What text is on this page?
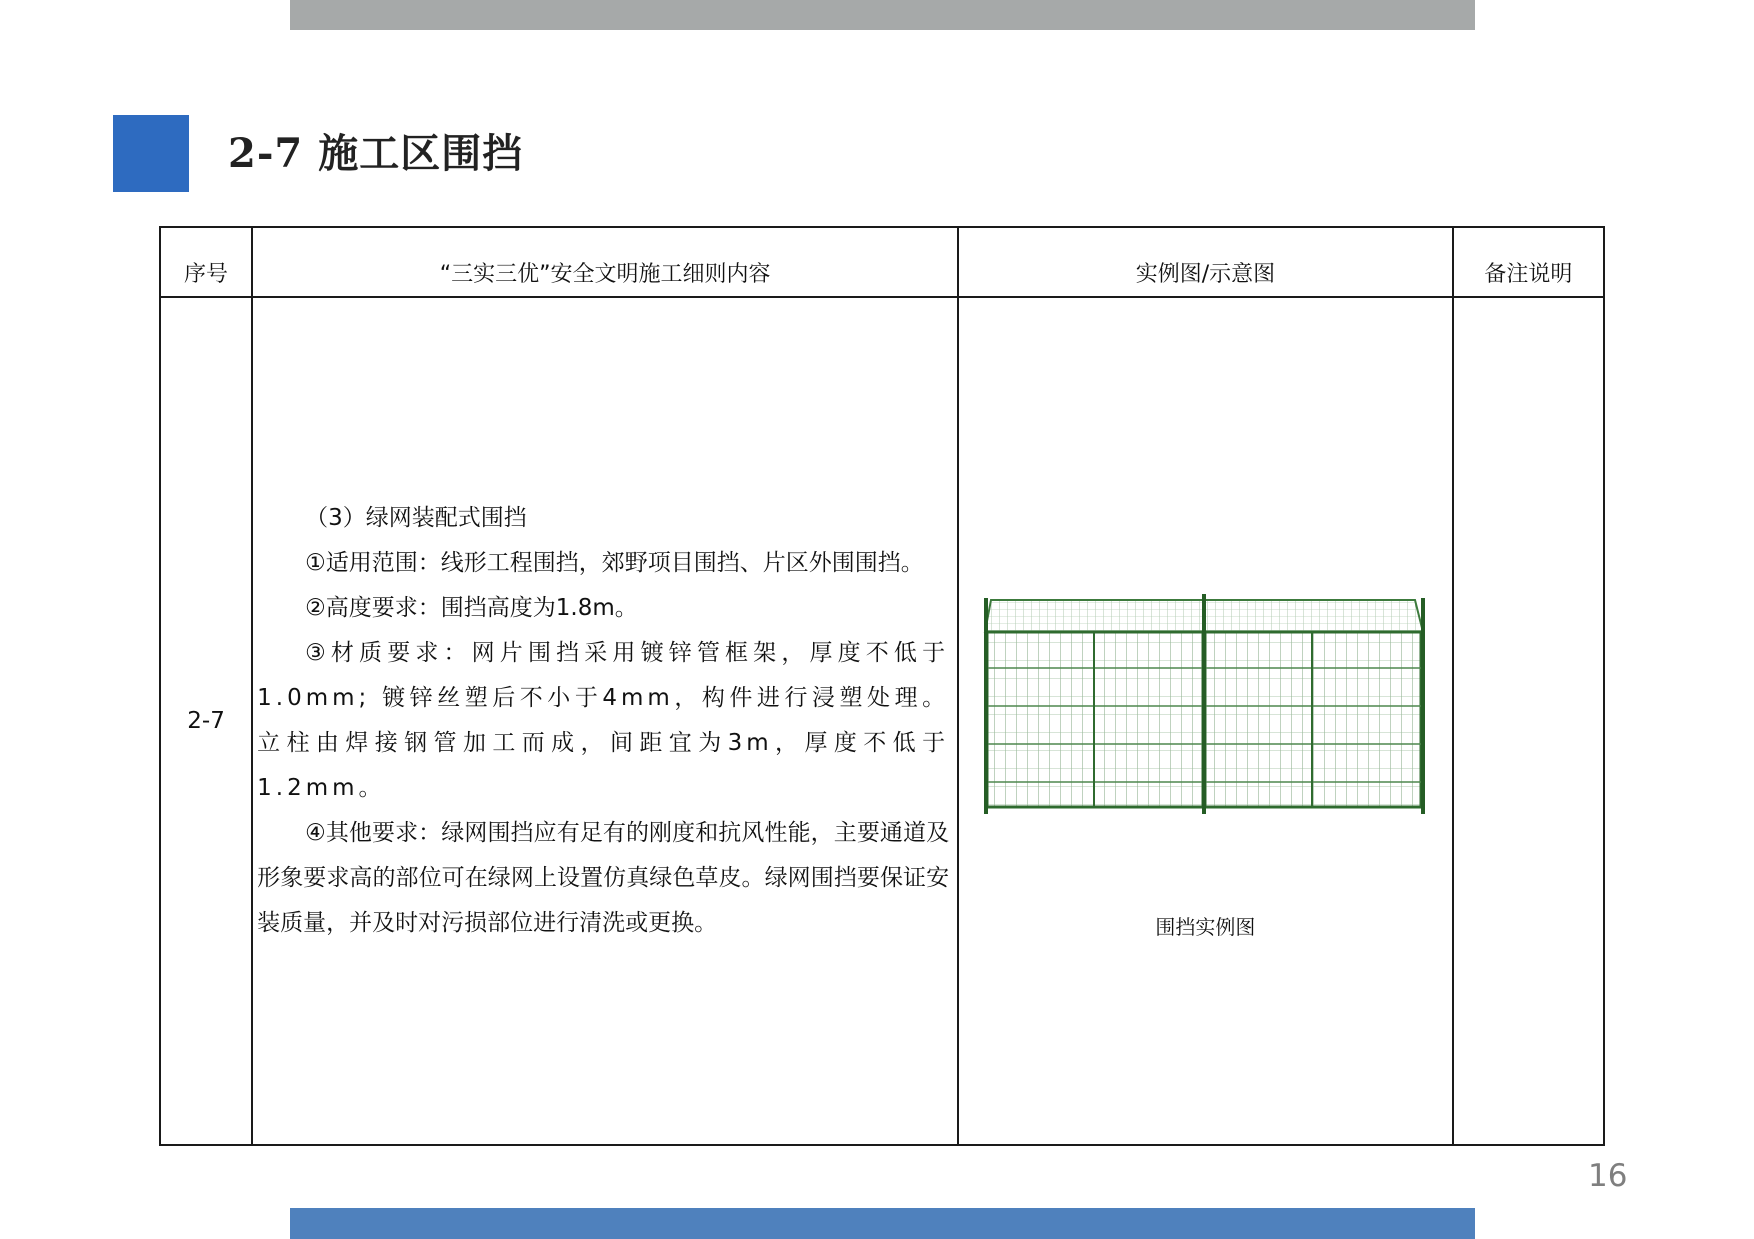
2-7 施工区围挡
序号	“三实三优”安全文明施工细则内容	实例图/示意图	备注说明
2-7	（3）绿网装配式围挡

①适用范围：线形工程围挡，郊野项目围挡、片区外围围挡。

②高度要求：围挡高度为1.8m。

③材质要求：网片围挡采用镀锌管框架，厚度不低于1.0mm; 镀锌丝塑后不小于4mm，构件进行浸塑处理。立柱由焊接钢管加工而成，间距宜为3m，厚度不低于1.2mm。

④其他要求：绿网围挡应有足有的刚度和抗风性能，主要通道及形象要求高的部位可在绿网上设置仿真绿色草皮。绿网围挡要保证安装质量，并及时对污损部位进行清洗或更换。	围挡实例图	

16
